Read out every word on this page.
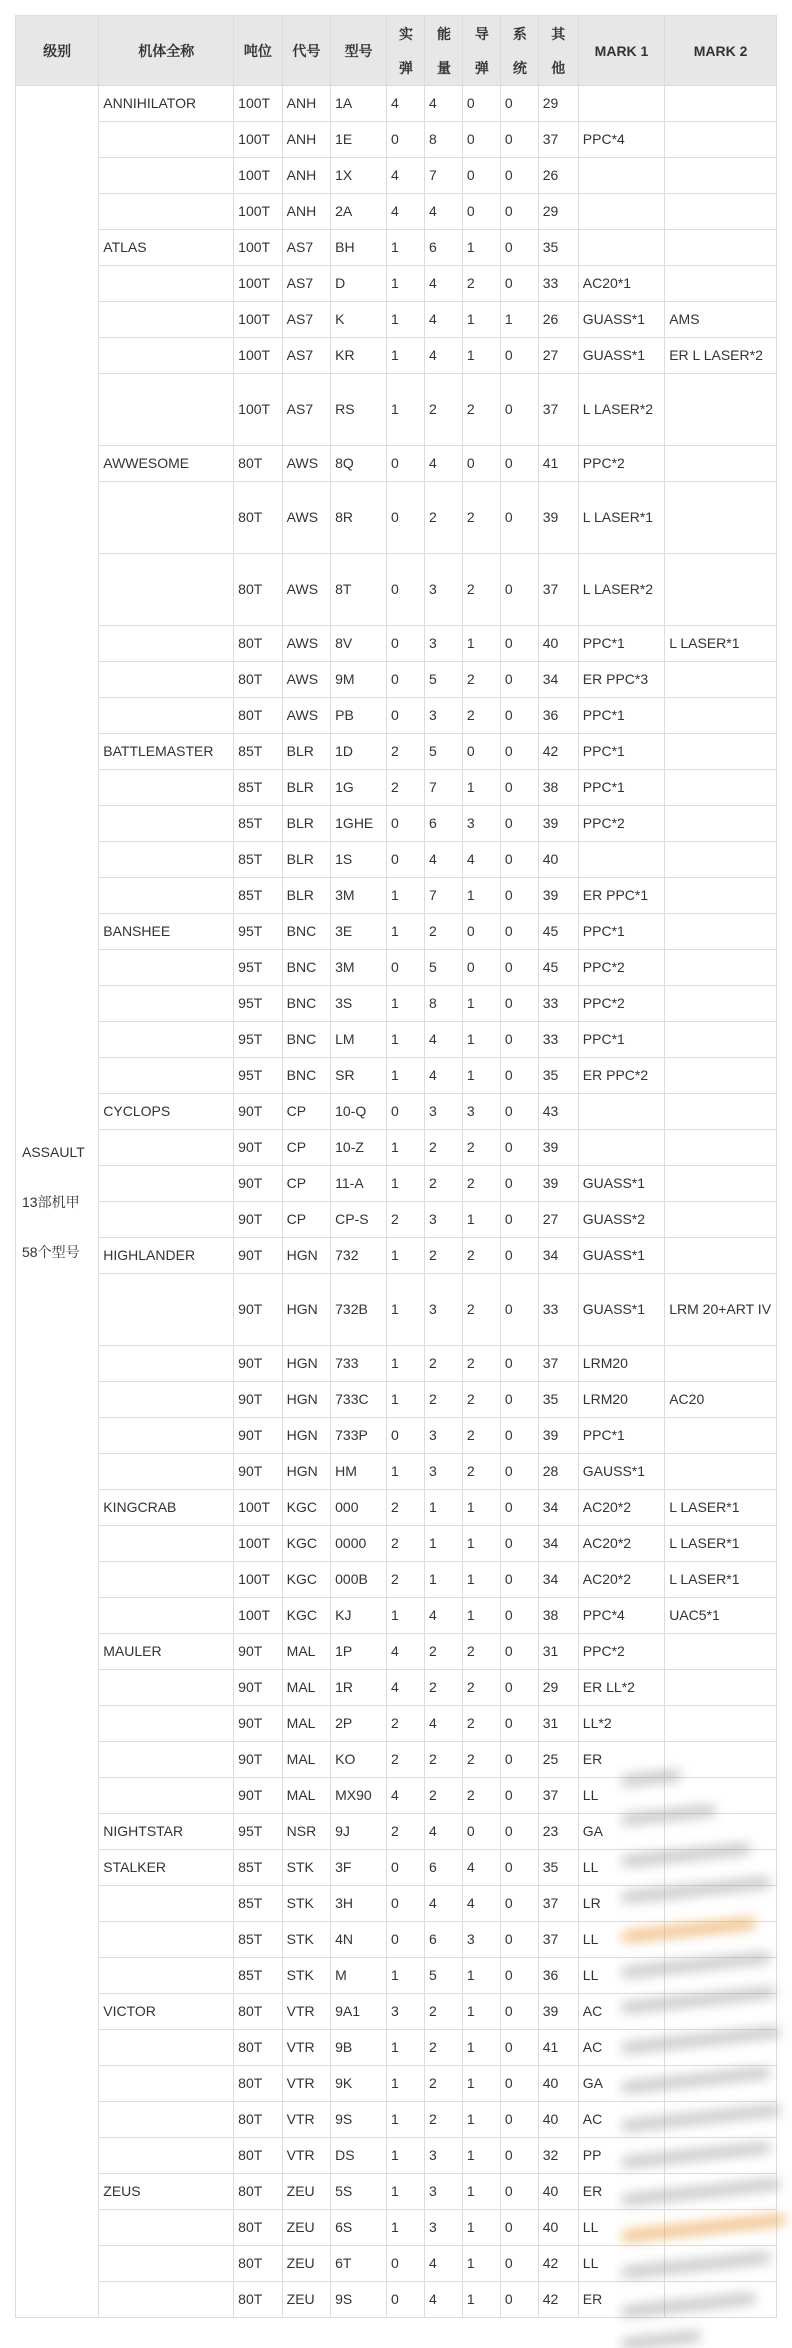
级别	机体全称	吨位	代号	型号	实弹	能量	导弹	系统	其他	MARK 1	MARK 2

ASSAULT
13部机甲
58个型号	ANNIHILATOR	100T	ANH	1A	4	4	0	0	29		
		100T	ANH	1E	0	8	0	0	37	PPC*4	
		100T	ANH	1X	4	7	0	0	26		
		100T	ANH	2A	4	4	0	0	29		
	ATLAS	100T	AS7	BH	1	6	1	0	35		
		100T	AS7	D	1	4	2	0	33	AC20*1	
		100T	AS7	K	1	4	1	1	26	GUASS*1	AMS
		100T	AS7	KR	1	4	1	0	27	GUASS*1	ER L LASER*2
		100T	AS7	RS	1	2	2	0	37	L LASER*2	
	AWWESOME	80T	AWS	8Q	0	4	0	0	41	PPC*2	
		80T	AWS	8R	0	2	2	0	39	L LASER*1	
		80T	AWS	8T	0	3	2	0	37	L LASER*2	
		80T	AWS	8V	0	3	1	0	40	PPC*1	L LASER*1
		80T	AWS	9M	0	5	2	0	34	ER PPC*3	
		80T	AWS	PB	0	3	2	0	36	PPC*1	
	BATTLEMASTER	85T	BLR	1D	2	5	0	0	42	PPC*1	
		85T	BLR	1G	2	7	1	0	38	PPC*1	
		85T	BLR	1GHE	0	6	3	0	39	PPC*2	
		85T	BLR	1S	0	4	4	0	40		
		85T	BLR	3M	1	7	1	0	39	ER PPC*1	
	BANSHEE	95T	BNC	3E	1	2	0	0	45	PPC*1	
		95T	BNC	3M	0	5	0	0	45	PPC*2	
		95T	BNC	3S	1	8	1	0	33	PPC*2	
		95T	BNC	LM	1	4	1	0	33	PPC*1	
		95T	BNC	SR	1	4	1	0	35	ER PPC*2	
	CYCLOPS	90T	CP	10-Q	0	3	3	0	43		
		90T	CP	10-Z	1	2	2	0	39		
		90T	CP	11-A	1	2	2	0	39	GUASS*1	
		90T	CP	CP-S	2	3	1	0	27	GUASS*2	
	HIGHLANDER	90T	HGN	732	1	2	2	0	34	GUASS*1	
		90T	HGN	732B	1	3	2	0	33	GUASS*1	LRM 20+ART IV
		90T	HGN	733	1	2	2	0	37	LRM20	
		90T	HGN	733C	1	2	2	0	35	LRM20	AC20
		90T	HGN	733P	0	3	2	0	39	PPC*1	
		90T	HGN	HM	1	3	2	0	28	GAUSS*1	
	KINGCRAB	100T	KGC	000	2	1	1	0	34	AC20*2	L LASER*1
		100T	KGC	0000	2	1	1	0	34	AC20*2	L LASER*1
		100T	KGC	000B	2	1	1	0	34	AC20*2	L LASER*1
		100T	KGC	KJ	1	4	1	0	38	PPC*4	UAC5*1
	MAULER	90T	MAL	1P	4	2	2	0	31	PPC*2	
		90T	MAL	1R	4	2	2	0	29	ER LL*2	
		90T	MAL	2P	2	4	2	0	31	LL*2	
		90T	MAL	KO	2	2	2	0	25	ER	
		90T	MAL	MX90	4	2	2	0	37	LL	
	NIGHTSTAR	95T	NSR	9J	2	4	0	0	23	GA	
	STALKER	85T	STK	3F	0	6	4	0	35	LL	
		85T	STK	3H	0	4	4	0	37	LR	
		85T	STK	4N	0	6	3	0	37	LL	
		85T	STK	M	1	5	1	0	36	LL	
	VICTOR	80T	VTR	9A1	3	2	1	0	39	AC	
		80T	VTR	9B	1	2	1	0	41	AC	
		80T	VTR	9K	1	2	1	0	40	GA	
		80T	VTR	9S	1	2	1	0	40	AC	
		80T	VTR	DS	1	3	1	0	32	PP	
	ZEUS	80T	ZEU	5S	1	3	1	0	40	ER	
		80T	ZEU	6S	1	3	1	0	40	LL	
		80T	ZEU	6T	0	4	1	0	42	LL	
		80T	ZEU	9S	0	4	1	0	42	ER	
